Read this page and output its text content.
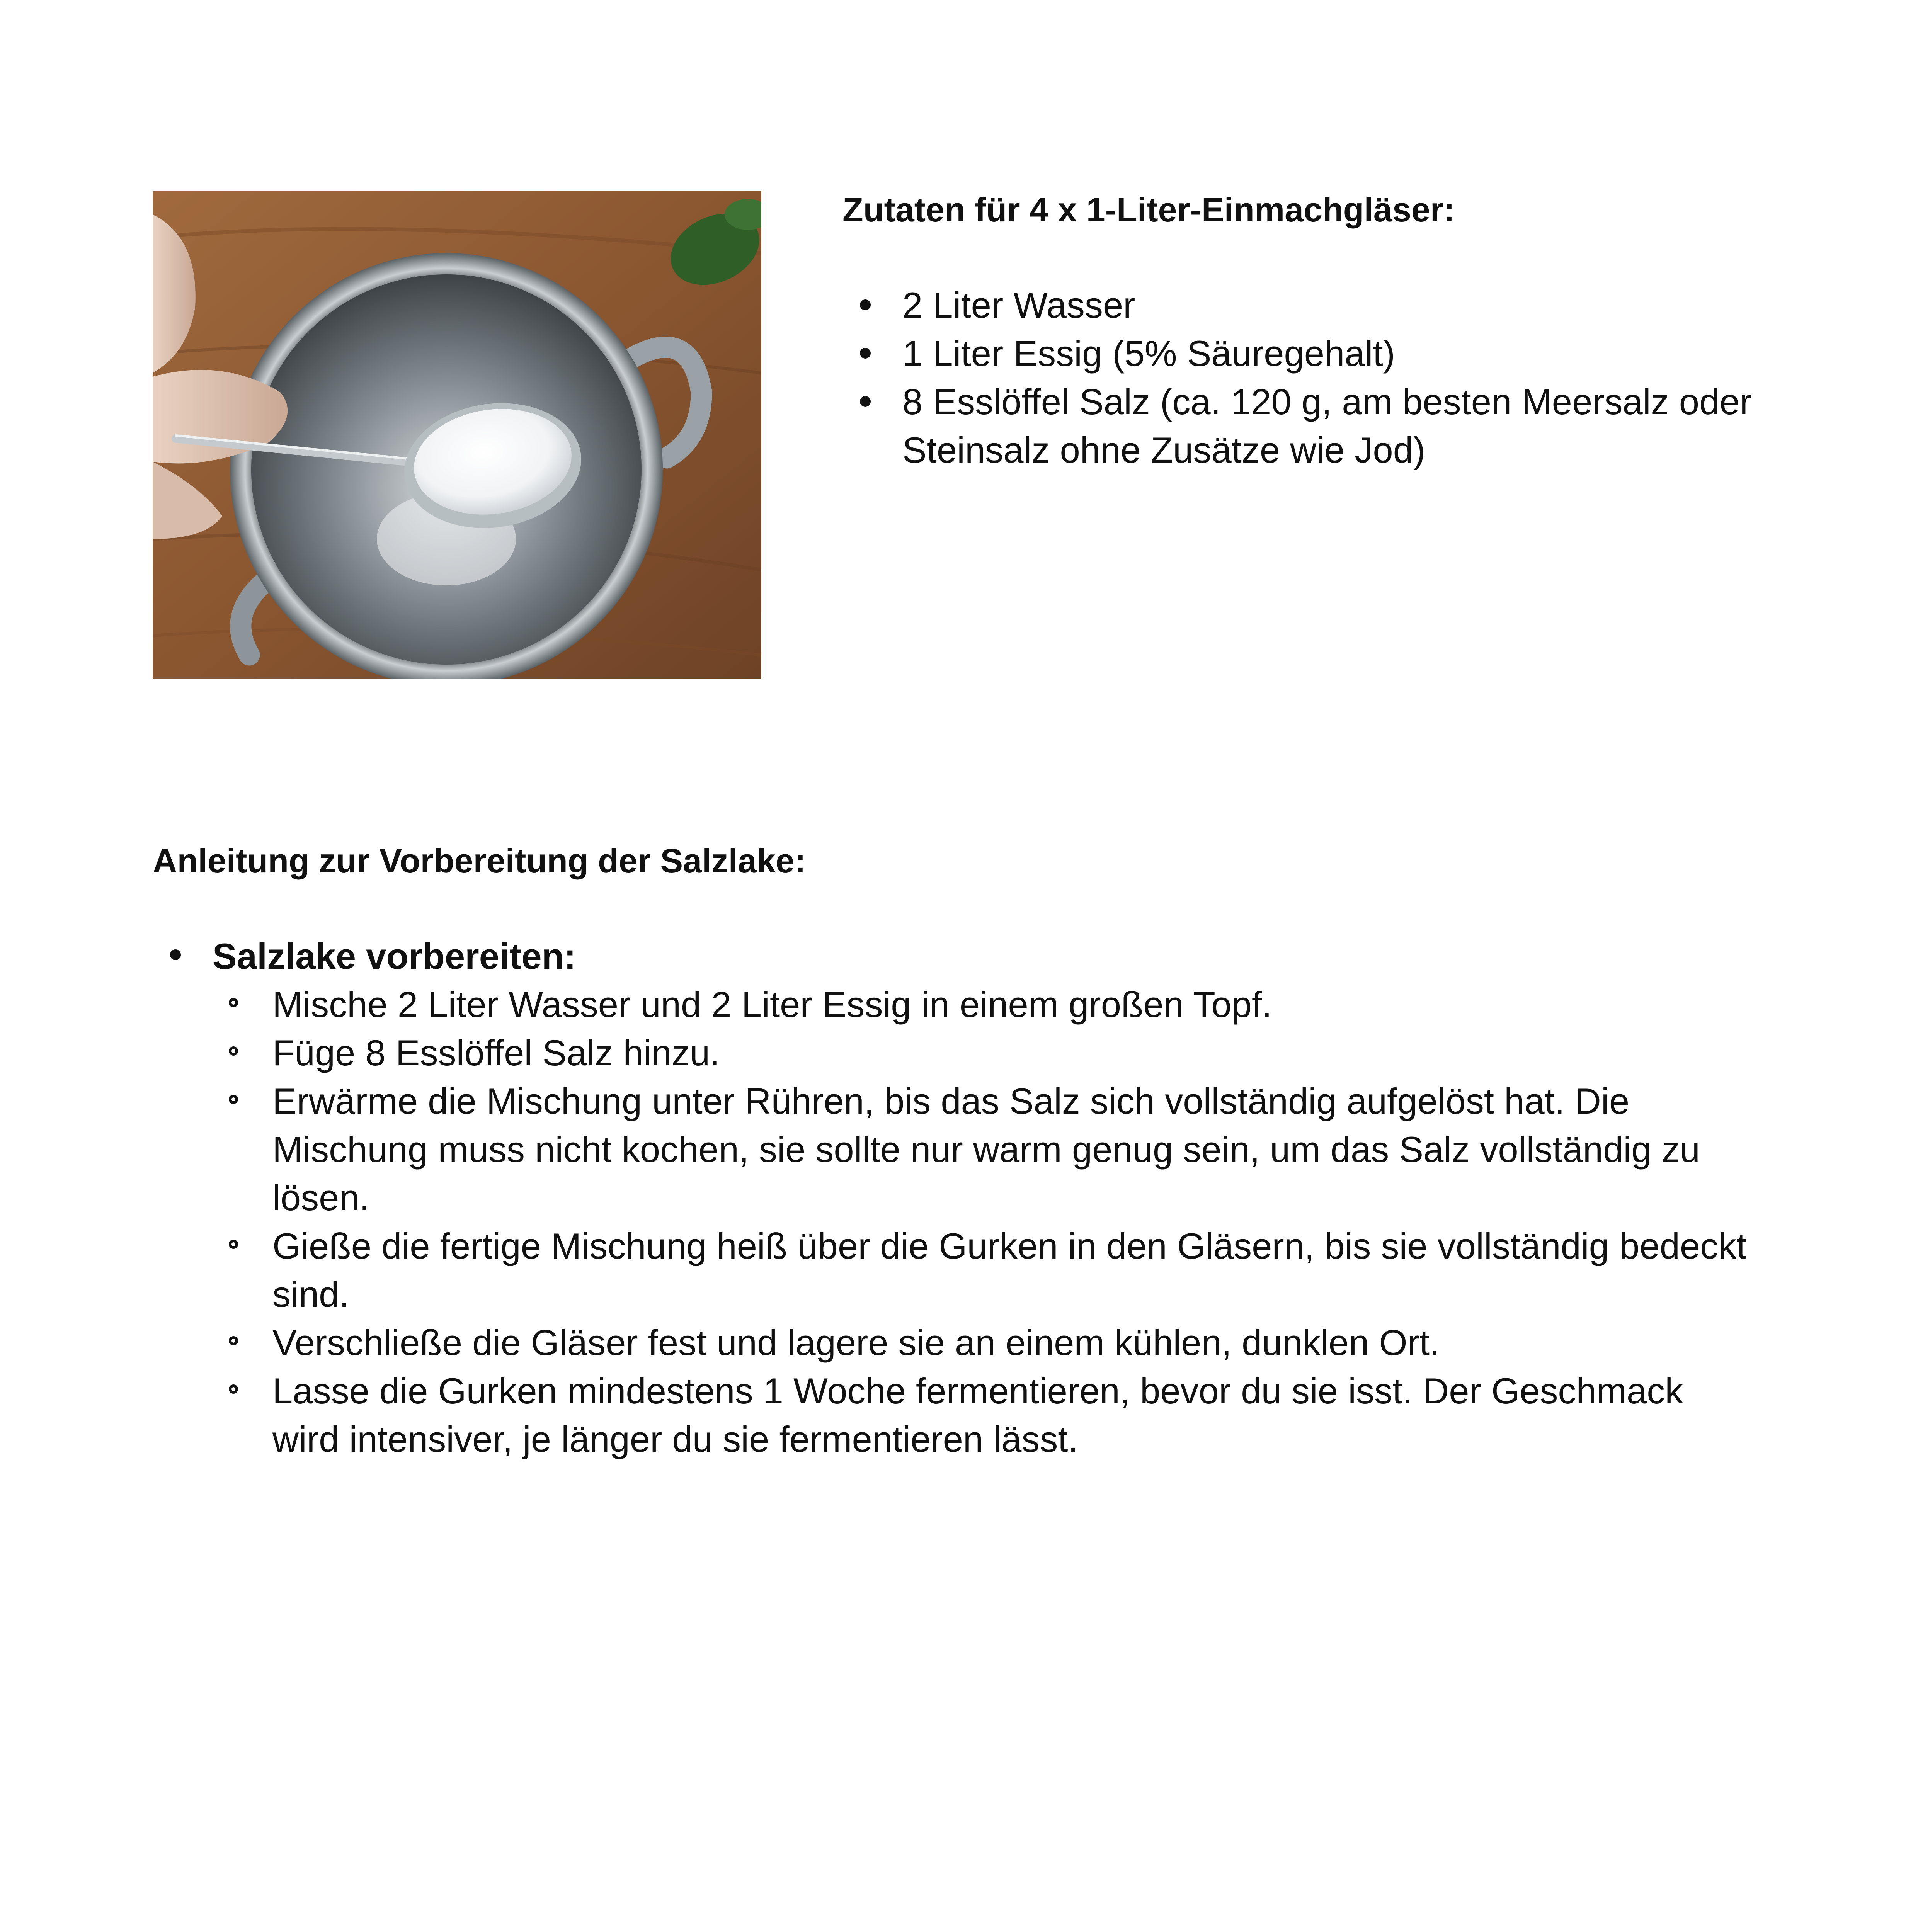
Zutaten für 4 x 1-Liter-Einmachgläser:

2 Liter Wasser
1 Liter Essig (5% Säuregehalt)
8 Esslöffel Salz (ca. 120 g, am besten Meersalz oder Steinsalz ohne Zusätze wie Jod)

Anleitung zur Vorbereitung der Salzlake:

Salzlake vorbereiten:
Mische 2 Liter Wasser und 2 Liter Essig in einem großen Topf.
Füge 8 Esslöffel Salz hinzu.
Erwärme die Mischung unter Rühren, bis das Salz sich vollständig aufgelöst hat. Die Mischung muss nicht kochen, sie sollte nur warm genug sein, um das Salz vollständig zu lösen.
Gieße die fertige Mischung heiß über die Gurken in den Gläsern, bis sie vollständig bedeckt sind.
Verschließe die Gläser fest und lagere sie an einem kühlen, dunklen Ort.
Lasse die Gurken mindestens 1 Woche fermentieren, bevor du sie isst. Der Geschmack wird intensiver, je länger du sie fermentieren lässt.
